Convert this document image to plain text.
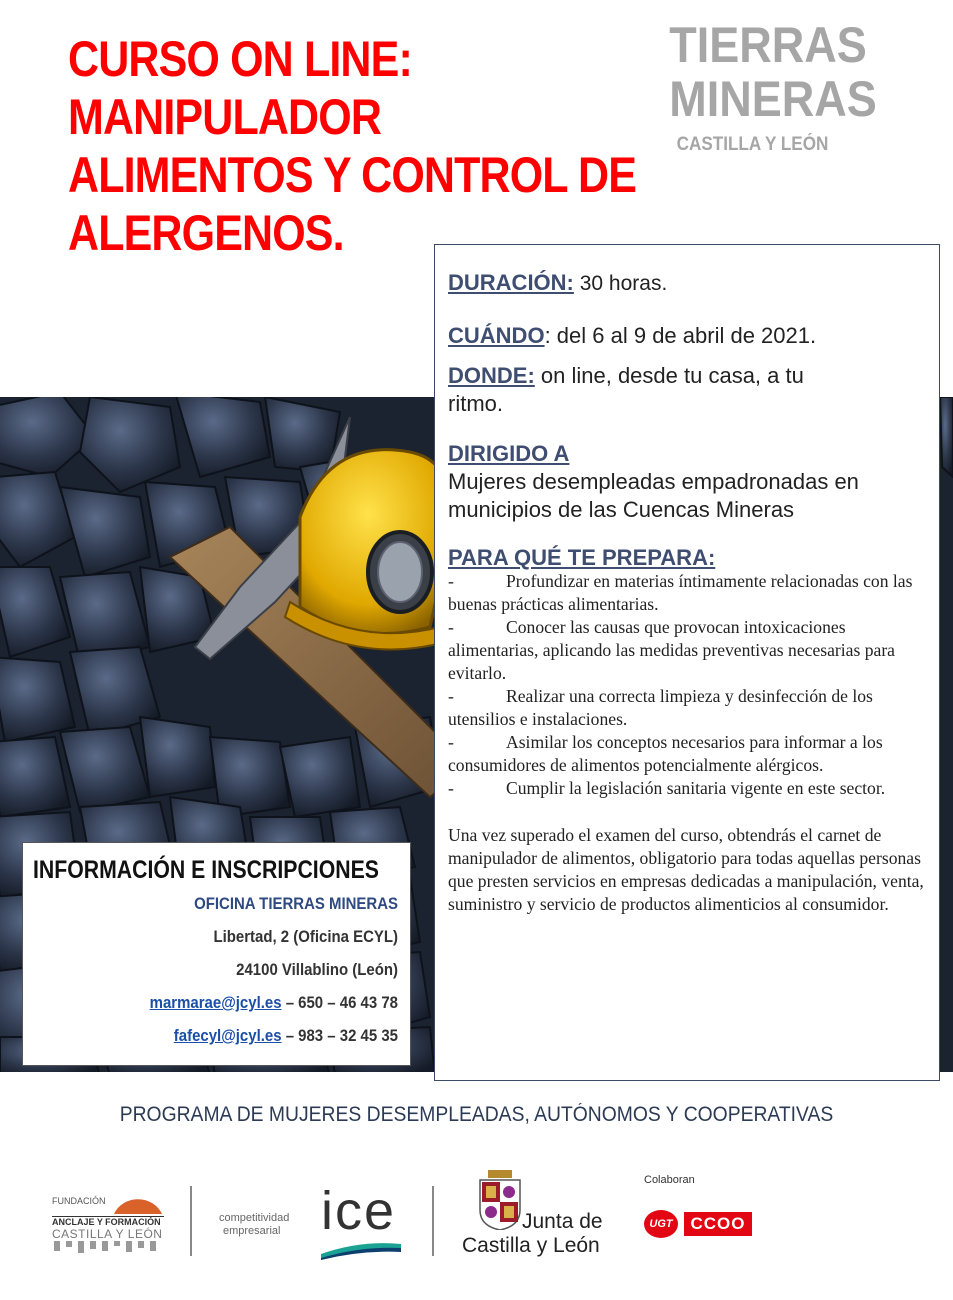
CURSO ON LINE:
MANIPULADOR
ALIMENTOS Y CONTROL DE
ALERGENOS.
TIERRAS
MINERAS
CASTILLA Y LEÓN
DURACIÓN: 30 horas.
CUÁNDO: del 6 al 9 de abril de 2021.
DONDE: on line, desde tu casa, a tu ritmo.
DIRIGIDO A
Mujeres desempleadas empadronadas en municipios de las Cuencas Mineras
PARA QUÉ TE PREPARA:
-	Profundizar en materias íntimamente relacionadas con las buenas prácticas alimentarias.
-	Conocer las causas que provocan intoxicaciones alimentarias, aplicando las medidas preventivas necesarias para evitarlo.
-	Realizar una correcta limpieza y desinfección de los utensilios e instalaciones.
-	Asimilar los conceptos necesarios para informar a los consumidores de alimentos potencialmente alérgicos.
-	Cumplir la legislación sanitaria vigente en este sector.
Una vez superado el examen del curso, obtendrás el carnet de manipulador de alimentos, obligatorio para todas aquellas personas que presten servicios en empresas dedicadas a manipulación, venta, suministro y servicio de productos alimenticios al consumidor.
INFORMACIÓN E INSCRIPCIONES
OFICINA TIERRAS MINERAS
Libertad, 2 (Oficina ECYL)
24100 Villablino (León)
marmarae@jcyl.es – 650 – 46 43 78
fafecyl@jcyl.es – 983 – 32 45 35
PROGRAMA DE MUJERES DESEMPLEADAS, AUTÓNOMOS Y COOPERATIVAS
FUNDACIÓN
ANCLAJE Y FORMACIÓN
CASTILLA Y LEÓN
competitividad
empresarial ice	Junta de
Castilla y León
Colaboran
UGT	CCOO
